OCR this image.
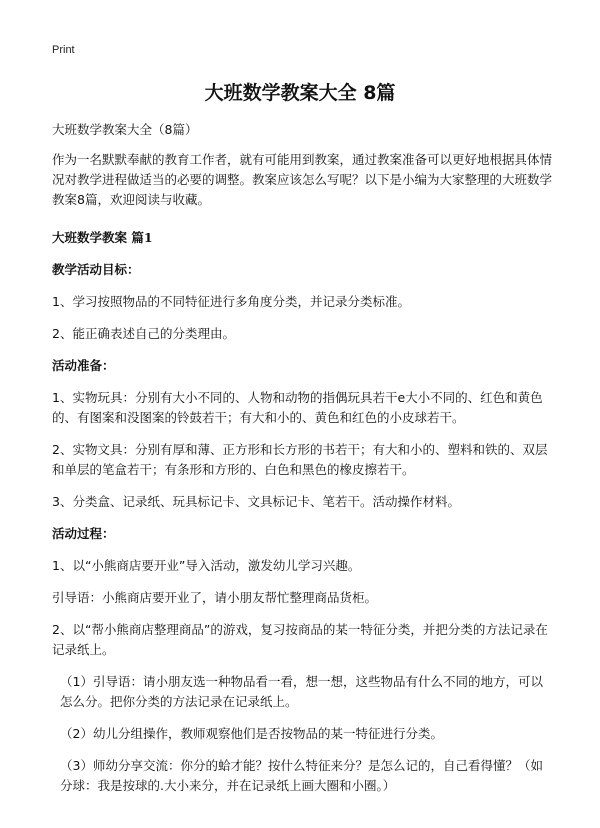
Print
大班数学教案大全 8篇

大班数学教案大全（8篇）

作为一名默默奉献的教育工作者，就有可能用到教案，通过教案准备可以更好地根据具体情况对教学进程做适当的必要的调整。教案应该怎么写呢？以下是小编为大家整理的大班数学教案8篇，欢迎阅读与收藏。

大班数学教案 篇1

教学活动目标：

1、学习按照物品的不同特征进行多角度分类，并记录分类标准。

2、能正确表述自己的分类理由。

活动准备：

1、实物玩具：分别有大小不同的、人物和动物的指偶玩具若干e大小不同的、红色和黄色的、有图案和没图案的铃鼓若干；有大和小的、黄色和红色的小皮球若干。

2、实物文具：分别有厚和薄、正方形和长方形的书若干；有大和小的、塑料和铁的、双层和单层的笔盒若干；有条形和方形的、白色和黑色的橡皮擦若干。

3、分类盒、记录纸、玩具标记卡、文具标记卡、笔若干。活动操作材料。

活动过程：

1、以“小熊商店要开业”导入活动，激发幼儿学习兴趣。

引导语：小熊商店要开业了，请小朋友帮忙整理商品货柜。

2、以“帮小熊商店整理商品”的游戏，复习按商品的某一特征分类，并把分类的方法记录在记录纸上。

（1）引导语：请小朋友选一种物品看一看，想一想，这些物品有什么不同的地方，可以怎么分。把你分类的方法记录在记录纸上。

（2）幼儿分组操作，教师观察他们是否按物品的某一特征进行分类。

（3）师幼分享交流：你分的蛤才能？按什么特征来分？是怎么记的，自己看得懂？（如分球：我是按球的.大小来分，并在记录纸上画大圈和小圈。）
